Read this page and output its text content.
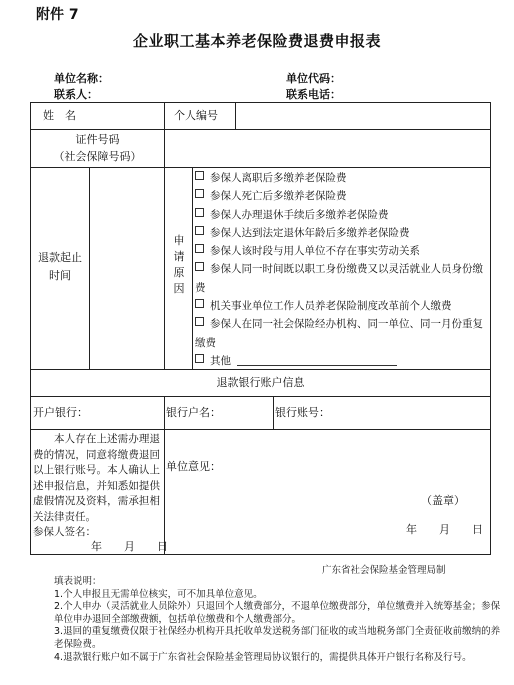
附件 7
企业职工基本养老保险费退费申报表
单位名称：	单位代码：
联系人：	联系电话：
姓　名	个人编号
证件号码
（社会保障号码）
退款起止
时间
申
请
原
因
参保人离职后多缴养老保险费
参保人死亡后多缴养老保险费
参保人办理退休手续后多缴养老保险费
参保人达到法定退休年龄后多缴养老保险费
参保人该时段与用人单位不存在事实劳动关系
参保人同一时间既以职工身份缴费又以灵活就业人员身份缴费
机关事业单位工作人员养老保险制度改革前个人缴费
参保人在同一社会保险经办机构、同一单位、同一月份重复缴费
其他
退款银行账户信息
开户银行：	银行户名：	银行账号：
本人存在上述需办理退费的情况，同意将缴费退回以上银行账号。本人确认上述申报信息，并知悉如提供虚假情况及资料，需承担相关法律责任。
参保人签名：
年　　月　　日
单位意见：
（盖章）
年　　月　　日
广东省社会保险基金管理局制

填表说明：

1.个人申报且无需单位核实，可不加具单位意见。

2.个人申办（灵活就业人员除外）只退回个人缴费部分，不退单位缴费部分，单位缴费并入统筹基金；参保单位申办退回全部缴费额，包括单位缴费和个人缴费部分。

3.退回的重复缴费仅限于社保经办机构开具托收单发送税务部门征收的或当地税务部门全责征收前缴纳的养老保险费。

4.退款银行账户如不属于广东省社会保险基金管理局协议银行的，需提供具体开户银行名称及行号。
